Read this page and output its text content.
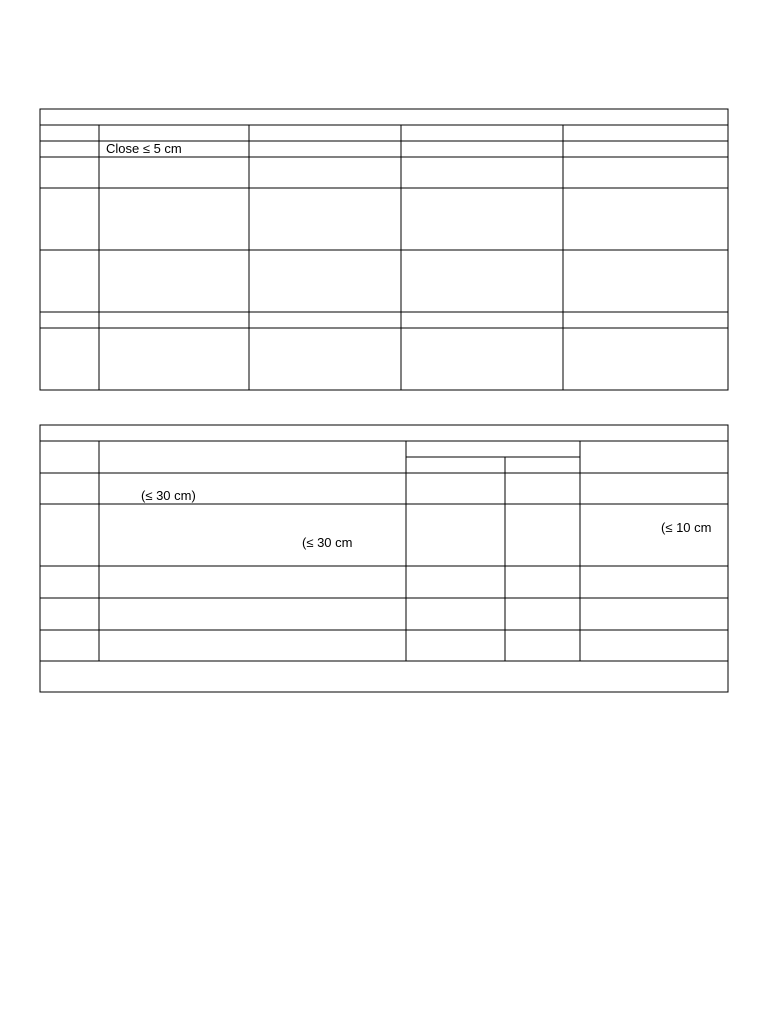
Close ≤ 5 cm
(≤ 30 cm)
(≤ 30 cm
(≤ 10 cm
